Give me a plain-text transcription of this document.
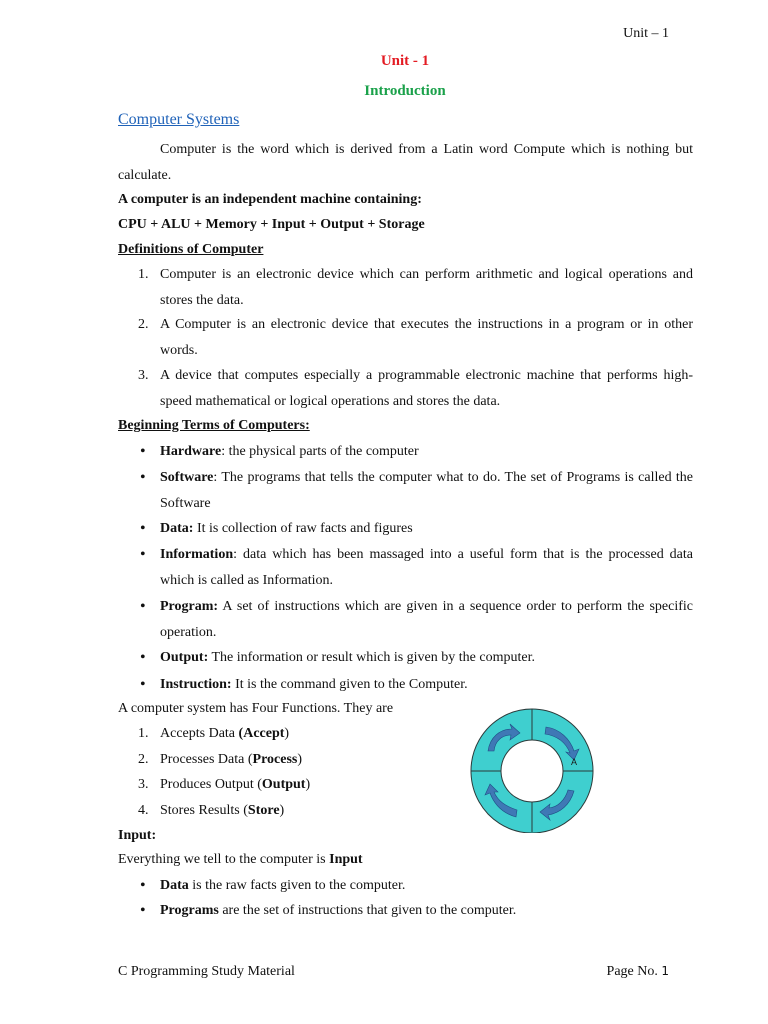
Unit – 1
Unit - 1
Introduction
Computer Systems
Computer is the word which is derived from a Latin word Compute which is nothing but calculate.
A computer is an independent machine containing:
CPU + ALU + Memory + Input + Output + Storage
Definitions of Computer
1. Computer is an electronic device which can perform arithmetic and logical operations and stores the data.
2. A Computer is an electronic device that executes the instructions in a program or in other words.
3. A device that computes especially a programmable electronic machine that performs high-speed mathematical or logical operations and stores the data.
Beginning Terms of Computers:
• Hardware: the physical parts of the computer
• Software: The programs that tells the computer what to do. The set of Programs is called the Software
• Data: It is collection of raw facts and figures
• Information: data which has been massaged into a useful form that is the processed data which is called as Information.
• Program: A set of instructions which are given in a sequence order to perform the specific operation.
• Output: The information or result which is given by the computer.
• Instruction: It is the command given to the Computer.
A computer system has Four Functions. They are
1. Accepts Data (Accept)
2. Processes Data (Process)
3. Produces Output (Output)
4. Stores Results (Store)
A
Input:
Everything we tell to the computer is Input
• Data is the raw facts given to the computer.
• Programs are the set of instructions that given to the computer.
C Programming Study Material	Page No. 1
